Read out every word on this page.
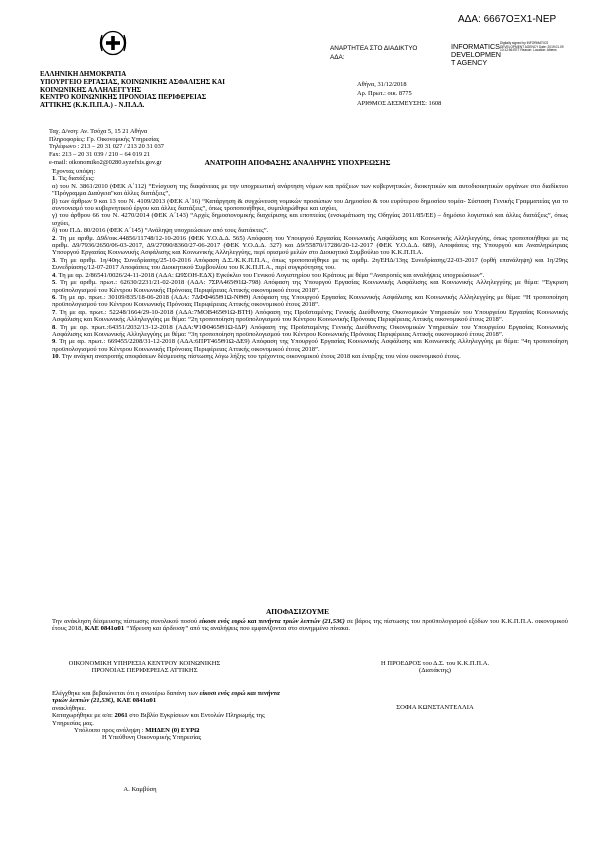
ΑΔΑ: 6667ΟΞΧ1-ΝΕΡ
ΕΛΛΗΝΙΚΗ ΔΗΜΟΚΡΑΤΙΑ
ΥΠΟΥΡΓΕΙΟ ΕΡΓΑΣΙΑΣ, ΚΟΙΝΩΝΙΚΗΣ ΑΣΦΑΛΙΣΗΣ ΚΑΙ
ΚΟΙΝΩΝΙΚΗΣ ΑΛΛΗΛΕΓΓΥΗΣ
ΚΕΝΤΡΟ ΚΟΙΝΩΝΙΚΗΣ ΠΡΟΝΟΙΑΣ ΠΕΡΙΦΕΡΕΙΑΣ
ΑΤΤΙΚΗΣ (Κ.Κ.Π.Π.Α.) - Ν.Π.Δ.Δ.
Ταχ. Δ/νση: Αν. Τσόχα 5, 15 21 Αθήνα
Πληροφορίες: Γρ. Οικονομικής Υπηρεσίας
Τηλέφωνο : 213 – 20 31 027 / 213 20 31 037
Fax: 213 – 20 31 039 / 210 – 64 019 21
e-mail: oikonomiko2@0280.syzefxis.gov.gr
ΑΝΑΡΤΗΤΕΑ ΣΤΟ ΔΙΑΔΙΚΤΥΟ
ΑΔΑ:
INFORMATICS
DEVELOPMEN
T AGENCY
Digitally signed by INFORMATICS DEVELOPMENT AGENCY Date: 2019.01.09 10:12:56 EET Reason: Location: Athens
Αθήνα, 31/12/2018
Αρ. Πρωτ.: οικ. 8775
ΑΡΙΘΜΟΣ ΔΕΣΜΕΥΣΗΣ: 1608
ΑΝΑΤΡΟΠΗ ΑΠΟΦΑΣΗΣ ΑΝΑΛΗΨΗΣ ΥΠΟΧΡΕΩΣΗΣ

Έχοντας υπόψη:

1. Τις διατάξεις:

α) του Ν. 3861/2010 (ΦΕΚ Α΄112) “Ενίσχυση της διαφάνειας με την υποχρεωτική ανάρτηση νόμων και πράξεων των κυβερνητικών, διοικητικών και αυτοδιοικητικών οργάνων στο διαδίκτυο "Πρόγραμμα Διαύγεια"και άλλες διατάξεις”,

β) των άρθρων 9 και 13 του Ν. 4109/2013 (ΦΕΚ Α΄16) “Κατάργηση & συγχώνευση νομικών προσώπων του Δημοσίου & του ευρύτερου δημοσίου τομέα- Σύσταση Γενικής Γραμματείας για το συντονισμό του κυβερνητικού έργου και άλλες διατάξεις”, όπως τροποποιήθηκε, συμπληρώθηκε και ισχύει,

γ) του άρθρου 66 του Ν. 4270/2014 (ΦΕΚ Α΄143) “Αρχές δημοσιονομικής διαχείρισης και εποπτείας (ενσωμάτωση της Οδηγίας 2011/85/ΕΕ) – δημόσιο λογιστικό και άλλες διατάξεις”, όπως ισχύει,

δ) του Π.Δ. 80/2016 (ΦΕΚ Α΄145) “Ανάληψη υποχρεώσεων από τους διατάκτες”.

2. Τη με αριθμ. Δ9δ/οικ.44856/11748/12-10-2016 (ΦΕΚ Υ.Ο.Δ.Δ. 565) Απόφαση του Υπουργού Εργασίας Κοινωνικής Ασφάλισης και Κοινωνικής Αλληλεγγύης, όπως τροποποιήθηκε με τις αριθμ. Δ9/7936/2650/06-03-2017, Δ9/27090/8360/27-06-2017 (ΦΕΚ Υ.Ο.Δ.Δ. 327) και Δ9/55870/17286/20-12-2017 (ΦΕΚ Υ.Ο.Δ.Δ. 689), Αποφάσεις της Υπουργού και Αναπληρώτριας Υπουργού Εργασίας Κοινωνικής Ασφάλισης και Κοινωνικής Αλληλεγγύης, περί ορισμού μελών στο Διοικητικό Συμβούλιο του Κ.Κ.Π.Π.Α.

3. Τη με αριθμ. 1η/40ης Συνεδρίασης/25-10-2016 Απόφαση Δ.Σ./Κ.Κ.Π.Π.Α., όπως τροποποιήθηκε με τις αριθμ. 2η/ΕΗΔ/13ης Συνεδρίασης/22-03-2017 (ορθή επανάληψη) και 1η/29ης Συνεδρίασης/12-07-2017 Αποφάσεις του Διοικητικού Συμβουλίου του Κ.Κ.Π.Π.Α., περί συγκρότησης του.

4. Τη με αρ. 2/86541/0026/24-11-2018 (ΑΔΑ: Ω9ΣΟΗ-ΕΔΧ) Εγκύκλιο του Γενικού Λογιστηρίου του Κράτους με θέμα “Ανατροπές και αναλήψεις υποχρεώσεων”.

5. Τη με αριθμ. πρωτ.: 62630/2231/21-02-2018 (ΑΔΑ: 7ΣΡΑ465Θ1Ω-798) Απόφαση της Υπουργού Εργασίας Κοινωνικής Ασφάλισης και Κοινωνικής Αλληλεγγύης με θέμα: “Έγκριση προϋπολογισμού του Κέντρου Κοινωνικής Πρόνοιας Περιφέρειας Αττικής οικονομικού έτους 2018”.

6. Τη με αρ. πρωτ.: 30109/835/18-06-2018 (ΑΔΑ: 7ΔΦΦ465Θ1Ω-ΝΘΘ) Απόφαση της Υπουργού Εργασίας Κοινωνικής Ασφάλισης και Κοινωνικής Αλληλεγγύης με θέμα: “Η τροποποίηση προϋπολογισμού του Κέντρου Κοινωνικής Πρόνοιας Περιφέρειας Αττικής οικονομικού έτους 2018”.

7. Τη με αρ. πρωτ.: 52248/1664/29-10-2018 (ΑΔΑ:7ΜΟΒ465Θ1Ω-ΒΤΗ) Απόφαση της Προϊσταμένης Γενικής Διεύθυνσης Οικονομικών Υπηρεσιών του Υπουργείου Εργασίας Κοινωνικής Ασφάλισης και Κοινωνικής Αλληλεγγύης με θέμα: “2η τροποποίηση προϋπολογισμού του Κέντρου Κοινωνικής Πρόνοιας Περιφέρειας Αττικής οικονομικού έτους 2018”.

8. Τη με αρ. πρωτ.:64351/2032/13-12-2018 (ΑΔΑ:Ψ1Φ0465Θ1Ω-ΙΔΡ) Απόφαση της Προϊσταμένης Γενικής Διεύθυνσης Οικονομικών Υπηρεσιών του Υπουργείου Εργασίας Κοινωνικής Ασφάλισης και Κοινωνικής Αλληλεγγύης με θέμα: “3η τροποποίηση προϋπολογισμού του Κέντρου Κοινωνικής Πρόνοιας Περιφέρειας Αττικής οικονομικού έτους 2018”.

9. Τη με αρ. πρωτ.: 669455/2208/31-12-2018 (ΑΔΑ:6ΠΡΤ465Θ1Ω-ΔΕ9) Απόφαση της Υπουργού Εργασίας Κοινωνικής Ασφάλισης και Κοινωνικής Αλληλεγγύης με θέμα: “4η τροποποίηση προϋπολογισμού του Κέντρου Κοινωνικής Πρόνοιας Περιφέρειας Αττικής οικονομικού έτους 2018”.

10. Την ανάγκη ανατροπής αποφάσεων δέσμευσης πίστωσης λόγω λήξης του τρέχοντος οικονομικού έτους 2018 και έναρξης του νέου οικονομικού έτους.

ΑΠΟΦΑΣΙΖΟΥΜΕ
Την ανάκληση δέσμευσης πίστωσης συνολικού ποσού είκοσι ενός ευρώ και πενήντα τριών λεπτών (21,53€) σε βάρος της πίστωσης του προϋπολογισμού εξόδων του Κ.Κ.Π.Π.Α. οικονομικού έτους 2018, ΚΑΕ 0841α01 “Υδρευση και άρδευση” από τις αναλήψεις που εμφανίζονται στο συνημμένο πίνακα.
ΟΙΚΟΝΟΜΙΚΗ ΥΠΗΡΕΣΙΑ ΚΕΝΤΡΟΥ ΚΟΙΝΩΝΙΚΗΣ
ΠΡΟΝΟΙΑΣ ΠΕΡΙΦΕΡΕΙΑΣ ΑΤΤΙΚΗΣ
Η ΠΡΟΕΔΡΟΣ του Δ.Σ. του Κ.Κ.Π.Π.Α.
(Διατάκτης)
Ελέγχθηκε και βεβαιώνεται ότι η ανωτέρω δαπάνη των είκοσι ενός ευρώ και πενήντα τριών λεπτών (21,53€), ΚΑΕ 0841α01
ανακλήθηκε.
Καταχωρήθηκε με α/α: 2061 στο Βιβλίο Εγκρίσεων και Εντολών Πληρωμής της Υπηρεσίας μας.
Υπόλοιπο προς ανάληψη : ΜΗΔΕΝ (0) ΕΥΡΩ
Η Υπεύθυνη Οικονομικής Υπηρεσίας
ΣΟΦΙΑ ΚΩΝΣΤΑΝΤΕΛΛΙΑ
Α. Καμβύση
